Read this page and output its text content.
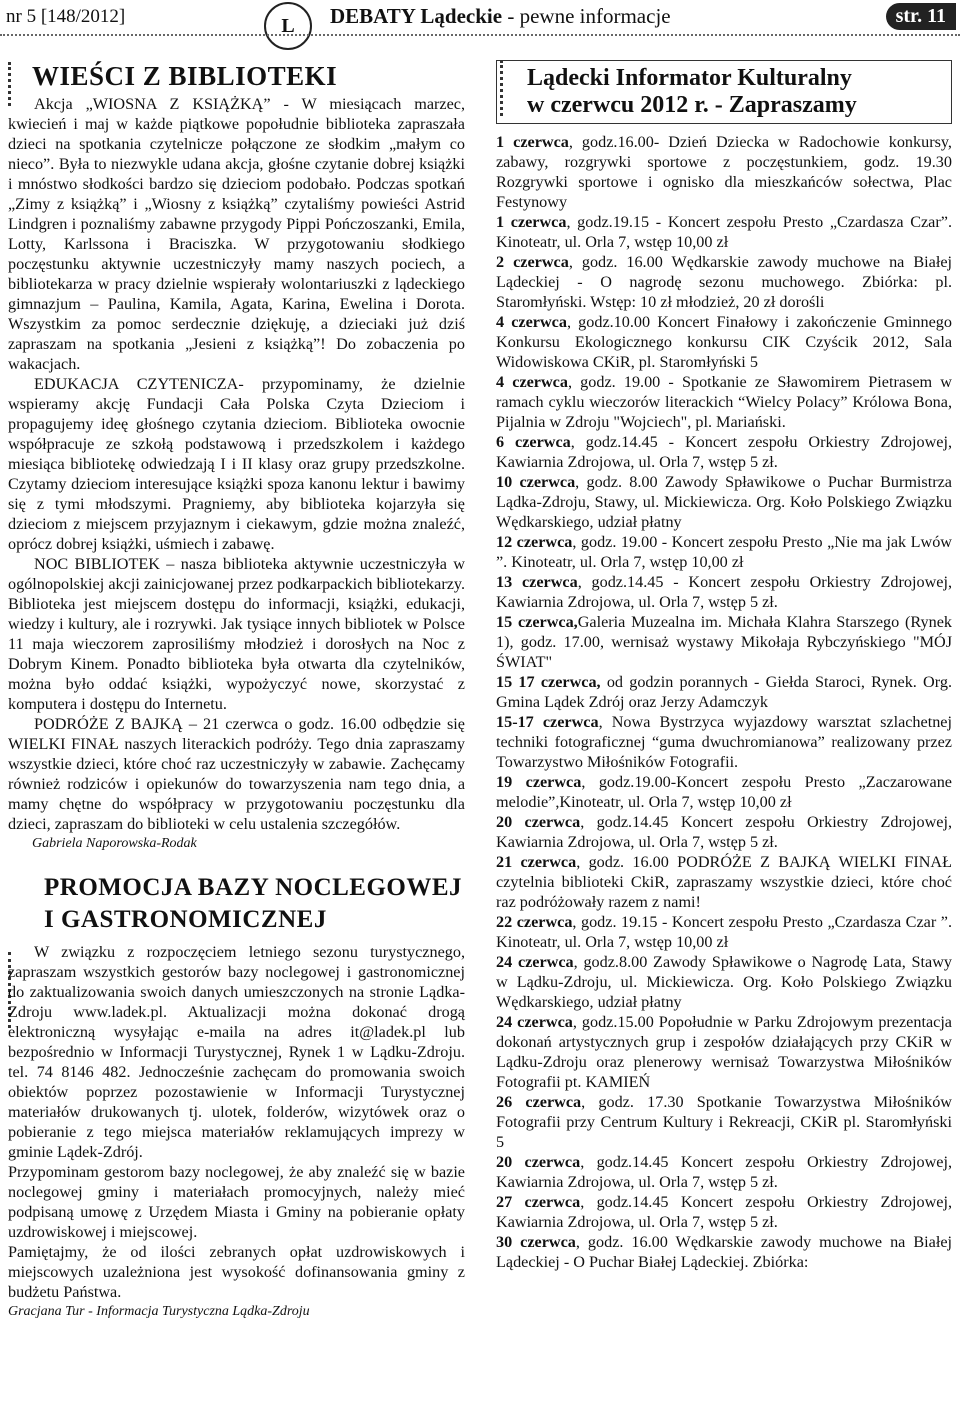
nr 5 [148/2012]	L	DEBATY Lądeckie - pewne informacje	str. 11
WIEŚCI Z BIBLIOTEKI

Akcja „WIOSNA Z KSIĄŻKĄ” - W miesiącach marzec, kwiecień i maj w każde piątkowe popołudnie biblioteka zapraszała dzieci na spotkania czytelnicze połączone ze słodkim „małym co nieco”. Była to niezwykle udana akcja, głośne czytanie dobrej książki i mnóstwo słodkości bardzo się dzieciom podobało. Podczas spotkań „Zimy z książką” i „Wiosny z książką” czytaliśmy powieści Astrid Lindgren i poznaliśmy zabawne przygody Pippi Pończoszanki, Emila, Lotty, Karlssona i Braciszka. W przygotowaniu słodkiego poczęstunku aktywnie uczestniczyły mamy naszych pociech, a bibliotekarza w pracy dzielnie wspierały wolontariuszki z lądeckiego gimnazjum – Paulina, Kamila, Agata, Karina, Ewelina i Dorota. Wszystkim za pomoc serdecznie dziękuję, a dzieciaki już dziś zapraszam na spotkania „Jesieni z książką”! Do zobaczenia po wakacjach.

EDUKACJA CZYTENICZA- przypominamy, że dzielnie wspieramy akcję Fundacji Cała Polska Czyta Dzieciom i propagujemy ideę głośnego czytania dzieciom. Biblioteka owocnie współpracuje ze szkołą podstawową i przedszkolem i każdego miesiąca bibliotekę odwiedzają I i II klasy oraz grupy przedszkolne. Czytamy dzieciom interesujące książki spoza kanonu lektur i bawimy się z tymi młodszymi. Pragniemy, aby biblioteka kojarzyła się dzieciom z miejscem przyjaznym i ciekawym, gdzie można znaleźć, oprócz dobrej książki, uśmiech i zabawę.

NOC BIBLIOTEK – nasza biblioteka aktywnie uczestniczyła w ogólnopolskiej akcji zainicjowanej przez podkarpackich bibliotekarzy. Biblioteka jest miejscem dostępu do informacji, książki, edukacji, wiedzy i kultury, ale i rozrywki. Jak tysiące innych bibliotek w Polsce 11 maja wieczorem zaprosiliśmy młodzież i dorosłych na Noc z Dobrym Kinem. Ponadto biblioteka była otwarta dla czytelników, można było oddać książki, wypożyczyć nowe, skorzystać z komputera i dostępu do Internetu.

PODRÓŻE Z BAJKĄ – 21 czerwca o godz. 16.00 odbędzie się WIELKI FINAŁ naszych literackich podróży. Tego dnia zapraszamy wszystkie dzieci, które choć raz uczestniczyły w zabawie. Zachęcamy również rodziców i opiekunów do towarzyszenia nam tego dnia, a mamy chętne do współpracy w przygotowaniu poczęstunku dla dzieci, zapraszam do biblioteki w celu ustalenia szczegółów.

Gabriela Naporowska-Rodak

PROMOCJA BAZY NOCLEGOWEJ
I GASTRONOMICZNEJ

W związku z rozpoczęciem letniego sezonu turystycznego, zapraszam wszystkich gestorów bazy noclegowej i gastronomicznej do zaktualizowania swoich danych umieszczonych na stronie Lądka-Zdroju www.ladek.pl. Aktualizacji można dokonać drogą elektroniczną wysyłając e-maila na adres it@ladek.pl lub bezpośrednio w Informacji Turystycznej, Rynek 1 w Lądku-Zdroju. tel. 74 8146 482. Jednocześnie zachęcam do promowania swoich obiektów poprzez pozostawienie w Informacji Turystycznej materiałów drukowanych tj. ulotek, folderów, wizytówek oraz o pobieranie z tego miejsca materiałów reklamujących imprezy w gminie Lądek-Zdrój.

Przypominam gestorom bazy noclegowej, że aby znaleźć się w bazie noclegowej gminy i materiałach promocyjnych, należy mieć podpisaną umowę z Urzędem Miasta i Gminy na pobieranie opłaty uzdrowiskowej i miejscowej.

Pamiętajmy, że od ilości zebranych opłat uzdrowiskowych i miejscowych uzależniona jest wysokość dofinansowania gminy z budżetu Państwa.

Gracjana Tur - Informacja Turystyczna Lądka-Zdroju

Lądecki Informator Kulturalny
w czerwcu 2012 r. - Zapraszamy

1 czerwca, godz.16.00- Dzień Dziecka w Radochowie konkursy, zabawy, rozgrywki sportowe z poczęstunkiem, godz. 19.30 Rozgrywki sportowe i ognisko dla mieszkańców sołectwa, Plac Festynowy

1 czerwca, godz.19.15 - Koncert zespołu Presto „Czardasza Czar”. Kinoteatr, ul. Orla 7, wstęp 10,00 zł

2 czerwca, godz. 16.00 Wędkarskie zawody muchowe na Białej Lądeckiej - O nagrodę sezonu muchowego. Zbiórka: pl. Staromłyński. Wstęp: 10 zł młodzież, 20 zł dorośli

4 czerwca, godz.10.00 Koncert Finałowy i zakończenie Gminnego Konkursu Ekologicznego konkursu CIK Czyścik 2012, Sala Widowiskowa CKiR, pl. Staromłyński 5

4 czerwca, godz. 19.00 - Spotkanie ze Sławomirem Pietrasem w ramach cyklu wieczorów literackich “Wielcy Polacy” Królowa Bona, Pijalnia w Zdroju "Wojciech", pl. Mariański.

6 czerwca, godz.14.45 - Koncert zespołu Orkiestry Zdrojowej, Kawiarnia Zdrojowa, ul. Orla 7, wstęp 5 zł.

10 czerwca, godz. 8.00 Zawody Spławikowe o Puchar Burmistrza Lądka-Zdroju, Stawy, ul. Mickiewicza. Org. Koło Polskiego Związku Wędkarskiego, udział płatny

12 czerwca, godz. 19.00 - Koncert zespołu Presto „Nie ma jak Lwów ”. Kinoteatr, ul. Orla 7, wstęp 10,00 zł

13 czerwca, godz.14.45 - Koncert zespołu Orkiestry Zdrojowej, Kawiarnia Zdrojowa, ul. Orla 7, wstęp 5 zł.

15 czerwca,Galeria Muzealna im. Michała Klahra Starszego (Rynek 1), godz. 17.00, wernisaż wystawy Mikołaja Rybczyńskiego "MÓJ ŚWIAT"

15 17 czerwca, od godzin porannych - Giełda Staroci, Rynek. Org. Gmina Lądek Zdrój oraz Jerzy Adamczyk

15-17 czerwca, Nowa Bystrzyca wyjazdowy warsztat szlachetnej techniki fotograficznej “guma dwuchromianowa” realizowany przez Towarzystwo Miłośników Fotografii.

19 czerwca, godz.19.00-Koncert zespołu Presto „Zaczarowane melodie”,Kinoteatr, ul. Orla 7, wstęp 10,00 zł

20 czerwca, godz.14.45 Koncert zespołu Orkiestry Zdrojowej, Kawiarnia Zdrojowa, ul. Orla 7, wstęp 5 zł.

21 czerwca, godz. 16.00 PODRÓŻE Z BAJKĄ WIELKI FINAŁ czytelnia biblioteki CkiR, zapraszamy wszystkie dzieci, które choć raz podróżowały razem z nami!

22 czerwca, godz. 19.15 - Koncert zespołu Presto „Czardasza Czar ”. Kinoteatr, ul. Orla 7, wstęp 10,00 zł

24 czerwca, godz.8.00 Zawody Spławikowe o Nagrodę Lata, Stawy w Lądku-Zdroju, ul. Mickiewicza. Org. Koło Polskiego Związku Wędkarskiego, udział płatny

24 czerwca, godz.15.00 Popołudnie w Parku Zdrojowym prezentacja dokonań artystycznych grup i zespołów działających przy CKiR w Lądku-Zdroju oraz plenerowy wernisaż Towarzystwa Miłośników Fotografii pt. KAMIEŃ

26 czerwca, godz. 17.30 Spotkanie Towarzystwa Miłośników Fotografii przy Centrum Kultury i Rekreacji, CKiR pl. Staromłyński 5

20 czerwca, godz.14.45 Koncert zespołu Orkiestry Zdrojowej, Kawiarnia Zdrojowa, ul. Orla 7, wstęp 5 zł.

27 czerwca, godz.14.45 Koncert zespołu Orkiestry Zdrojowej, Kawiarnia Zdrojowa, ul. Orla 7, wstęp 5 zł.

30 czerwca, godz. 16.00 Wędkarskie zawody muchowe na Białej Lądeckiej - O Puchar Białej Lądeckiej. Zbiórka:
